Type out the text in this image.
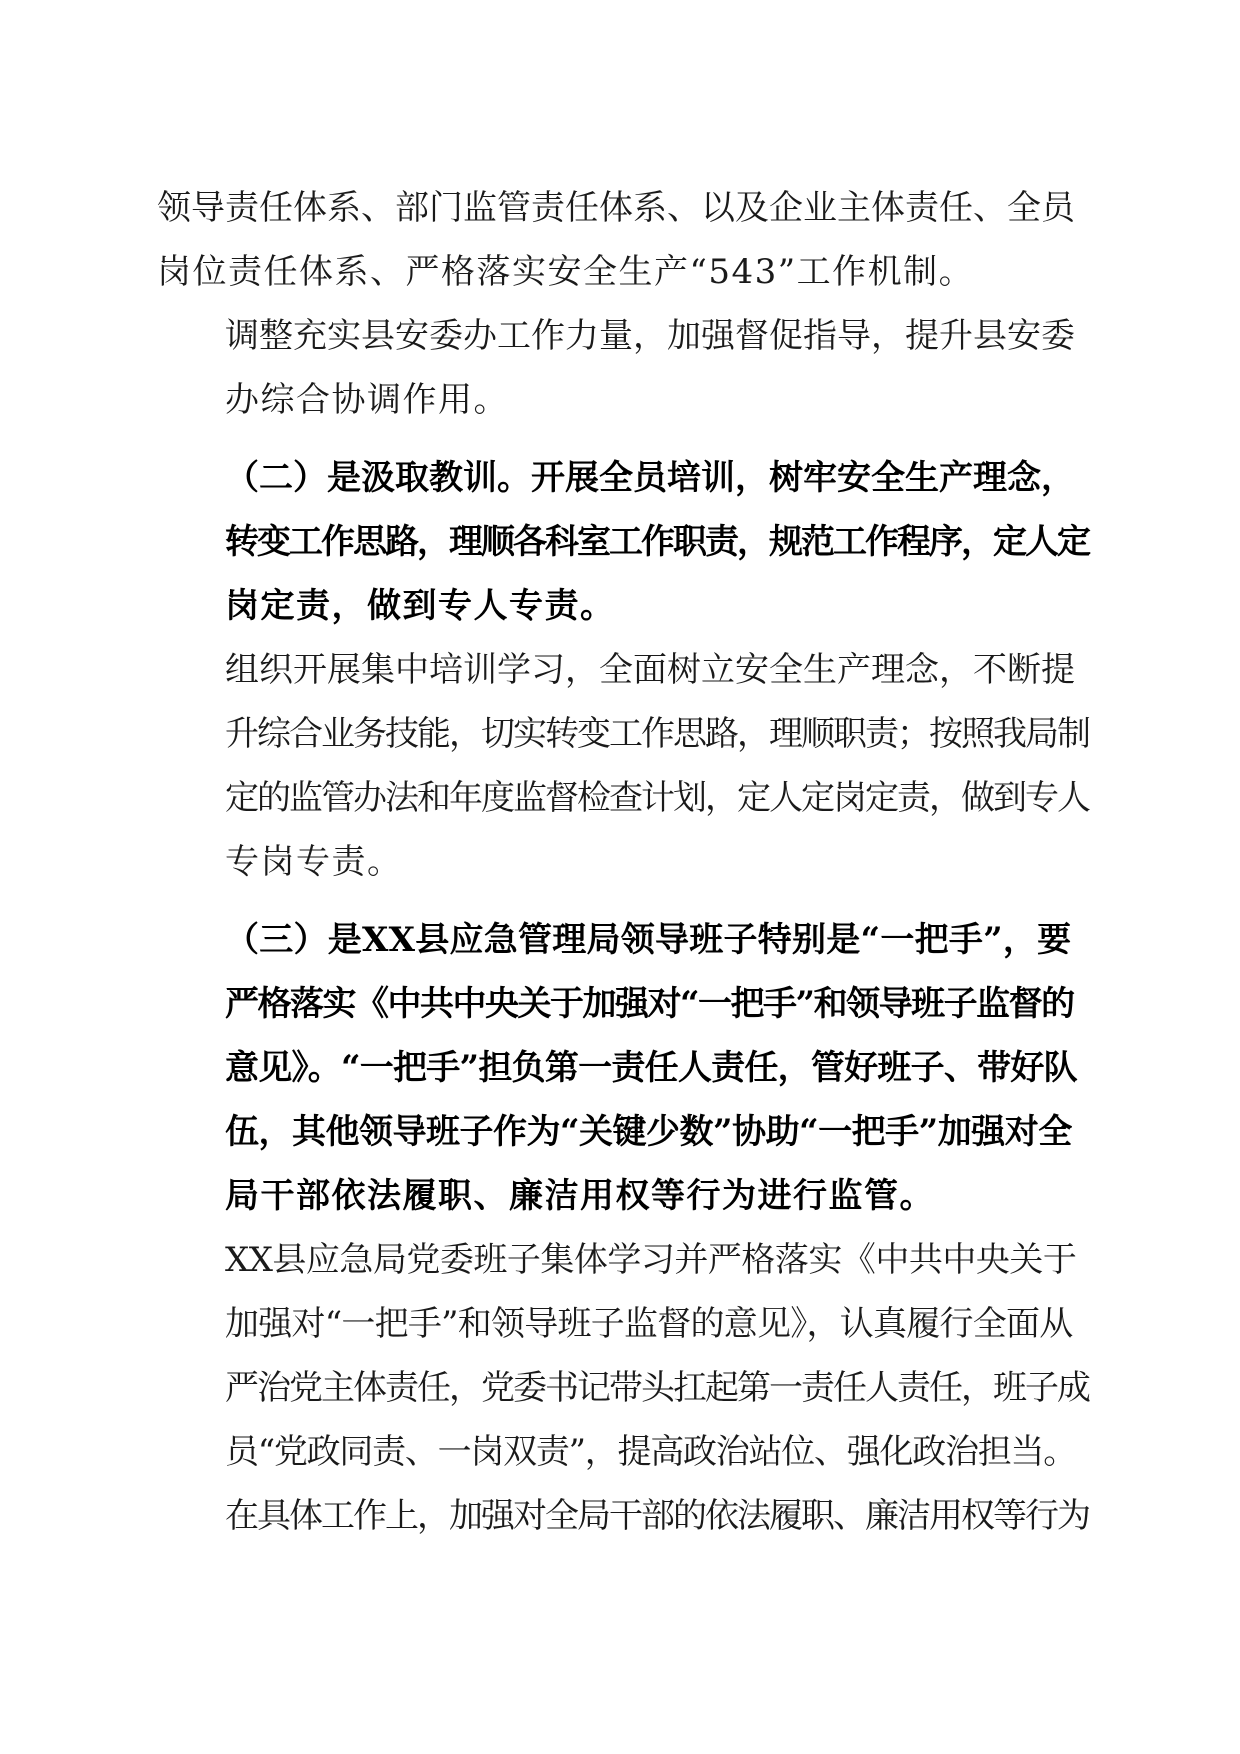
领导责任体系、部门监管责任体系、以及企业主体责任、全员
岗位责任体系、严格落实安全生产“543”工作机制。

调整充实县安委办工作力量，加强督促指导，提升县安委
办综合协调作用。

（二）是汲取教训。开展全员培训，树牢安全生产理念，
转变工作思路，理顺各科室工作职责，规范工作程序，定人定
岗定责，做到专人专责。

组织开展集中培训学习，全面树立安全生产理念，不断提
升综合业务技能，切实转变工作思路，理顺职责；按照我局制
定的监管办法和年度监督检查计划，定人定岗定责，做到专人
专岗专责。

（三）是XX县应急管理局领导班子特别是“一把手”，要
严格落实《中共中央关于加强对“一把手”和领导班子监督的
意见》。“一把手”担负第一责任人责任，管好班子、带好队
伍，其他领导班子作为“关键少数”协助“一把手”加强对全
局干部依法履职、廉洁用权等行为进行监管。

XX县应急局党委班子集体学习并严格落实《中共中央关于
加强对“一把手”和领导班子监督的意见》，认真履行全面从
严治党主体责任，党委书记带头扛起第一责任人责任，班子成
员“党政同责、一岗双责”，提高政治站位、强化政治担当。
在具体工作上，加强对全局干部的依法履职、廉洁用权等行为
